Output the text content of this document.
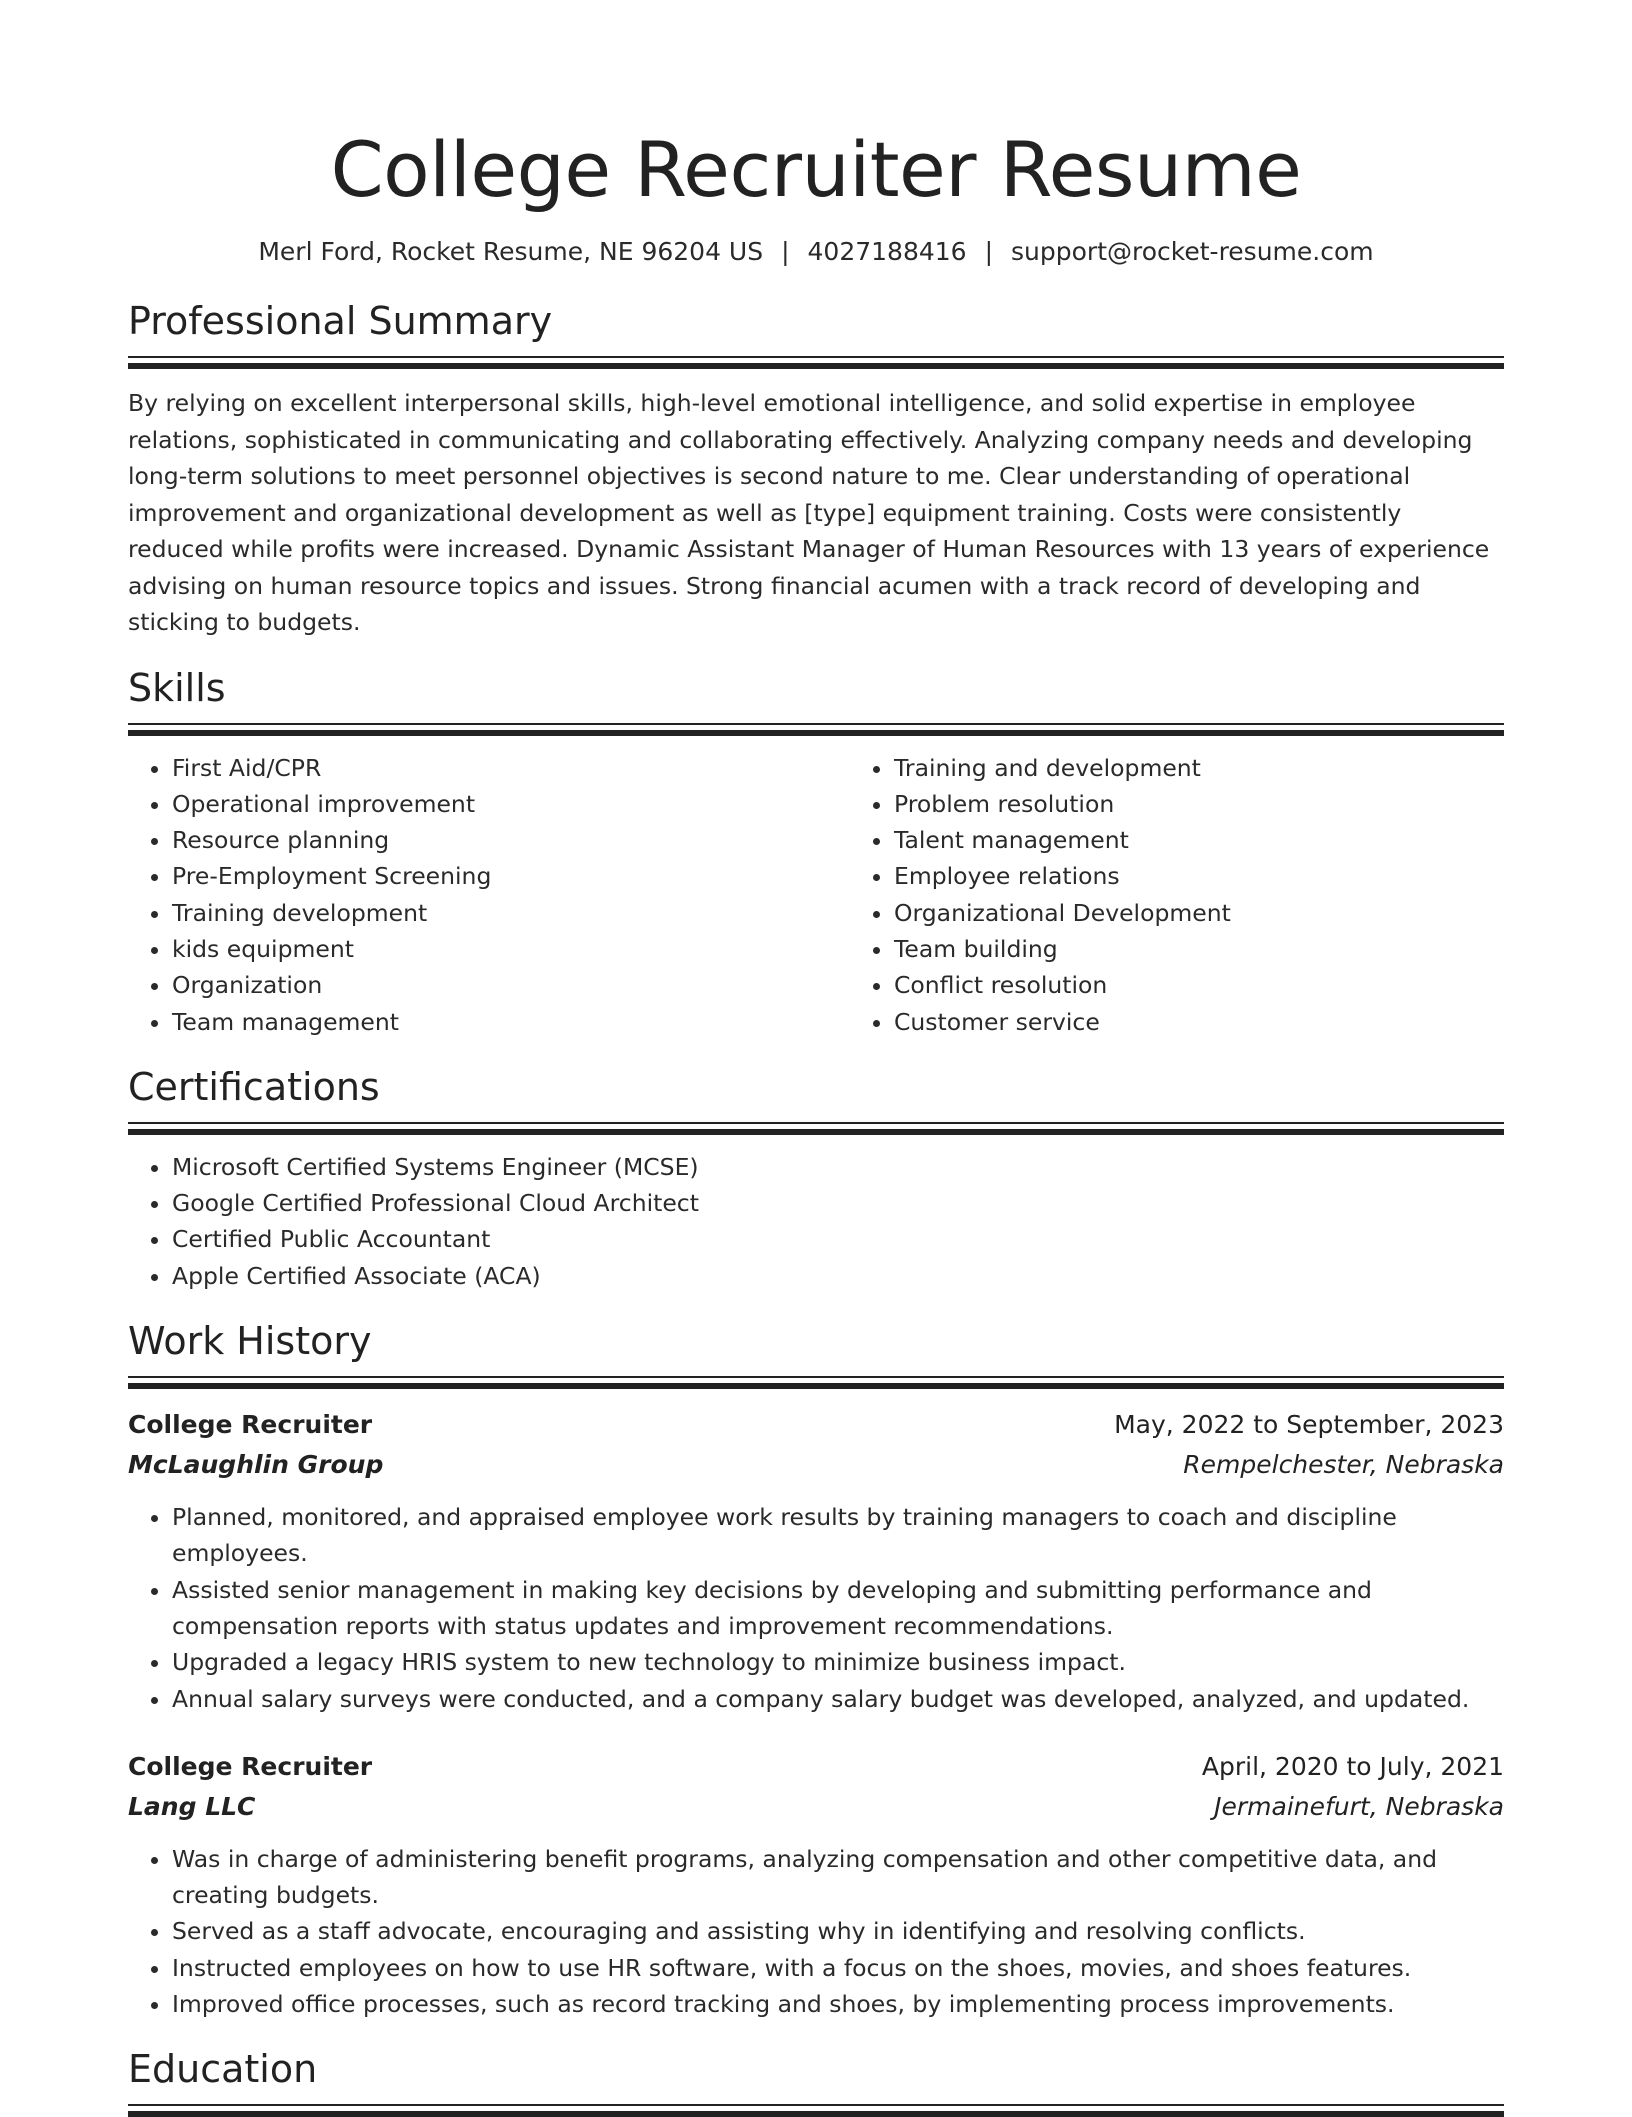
College Recruiter Resume
Merl Ford, Rocket Resume, NE 96204 US | 4027188416 | support@rocket-resume.com
Professional Summary

By relying on excellent interpersonal skills, high-level emotional intelligence, and solid expertise in employee relations, sophisticated in communicating and collaborating effectively. Analyzing company needs and developing long-term solutions to meet personnel objectives is second nature to me. Clear understanding of operational improvement and organizational development as well as [type] equipment training. Costs were consistently reduced while profits were increased. Dynamic Assistant Manager of Human Resources with 13 years of experience advising on human resource topics and issues. Strong financial acumen with a track record of developing and sticking to budgets.

Skills
• First Aid/CPR
• Operational improvement
• Resource planning
• Pre-Employment Screening
• Training development
• kids equipment
• Organization
• Team management
• Training and development
• Problem resolution
• Talent management
• Employee relations
• Organizational Development
• Team building
• Conflict resolution
• Customer service
Certifications
• Microsoft Certified Systems Engineer (MCSE)
• Google Certified Professional Cloud Architect
• Certified Public Accountant
• Apple Certified Associate (ACA)
Work History
College Recruiter	May, 2022 to September, 2023
McLaughlin Group	Rempelchester, Nebraska
• Planned, monitored, and appraised employee work results by training managers to coach and discipline employees.
• Assisted senior management in making key decisions by developing and submitting performance and compensation reports with status updates and improvement recommendations.
• Upgraded a legacy HRIS system to new technology to minimize business impact.
• Annual salary surveys were conducted, and a company salary budget was developed, analyzed, and updated.
College Recruiter	April, 2020 to July, 2021
Lang LLC	Jermainefurt, Nebraska
• Was in charge of administering benefit programs, analyzing compensation and other competitive data, and creating budgets.
• Served as a staff advocate, encouraging and assisting why in identifying and resolving conflicts.
• Instructed employees on how to use HR software, with a focus on the shoes, movies, and shoes features.
• Improved office processes, such as record tracking and shoes, by implementing process improvements.
Education
